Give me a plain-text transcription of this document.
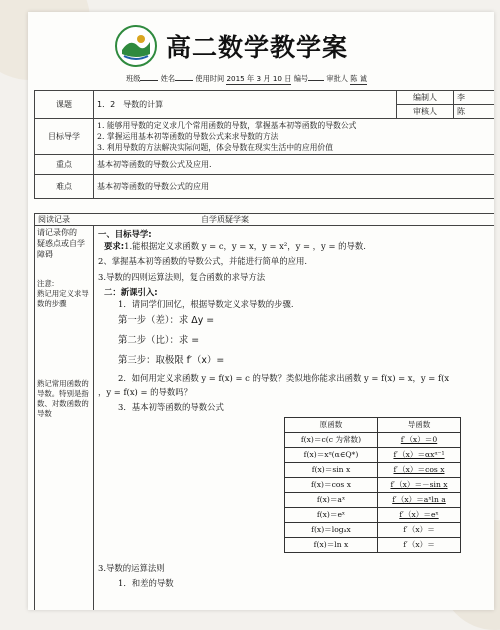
高二数学教学案
班级	姓名	使用时间 2015 年 3 月 10 日 编号	审批人 陈 诚
课题	1．2　导数的计算	编制人	李
		审核人	陈
目标导学	1. 能够用导数的定义求几个常用函数的导数，掌握基本初等函数的导数公式
2. 掌握运用基本初等函数的导数公式来求导数的方法
3. 利用导数的方法解决实际问题，体会导数在现实生活中的应用价值		

重点	基本初等函数的导数公式及应用.		
难点	基本初等函数的导数公式的应用		
阅读记录	自学质疑学案
请记录你的
疑惑点或自学
障碍
注意:
熟记用定义求导
数的步骤
熟记常用函数的
导数。特别是指
数、对数函数的
导数
一、目标导学:
要求:1.能根据定义求函数 y = c，y = x，y = x²，y = ，y = 的导数.
2、掌握基本初等函数的导数公式，并能进行简单的应用.
3.导数的四则运算法则，复合函数的求导方法
二：新课引入:
1．请同学们回忆，根据导数定义求导数的步骤.
第一步（差）：求 Δy =
第二步（比）：求 =
第三步：取极限 f′（x）=
2．如何用定义求函数 y = f(x) = c 的导数？类似地你能求出函数 y = f(x) = x，y = f(x
，y = f(x) = 的导数吗？
3．基本初等函数的导数公式
原函数	导函数
f(x)＝c(c 为常数)	f′（x）＝0
f(x)＝xᵅ(α∈Q*)	f′（x）＝αxᵅ⁻¹
f(x)＝sin x	f′（x）＝cos x
f(x)＝cos x	f′（x）＝－sin x
f(x)＝aˣ	f′（x）＝aˣln a
f(x)＝eˣ	f′（x）＝eˣ
f(x)＝logₐx	f′（x）＝
f(x)＝ln x	f′（x）＝
3.导数的运算法则
1．和差的导数
